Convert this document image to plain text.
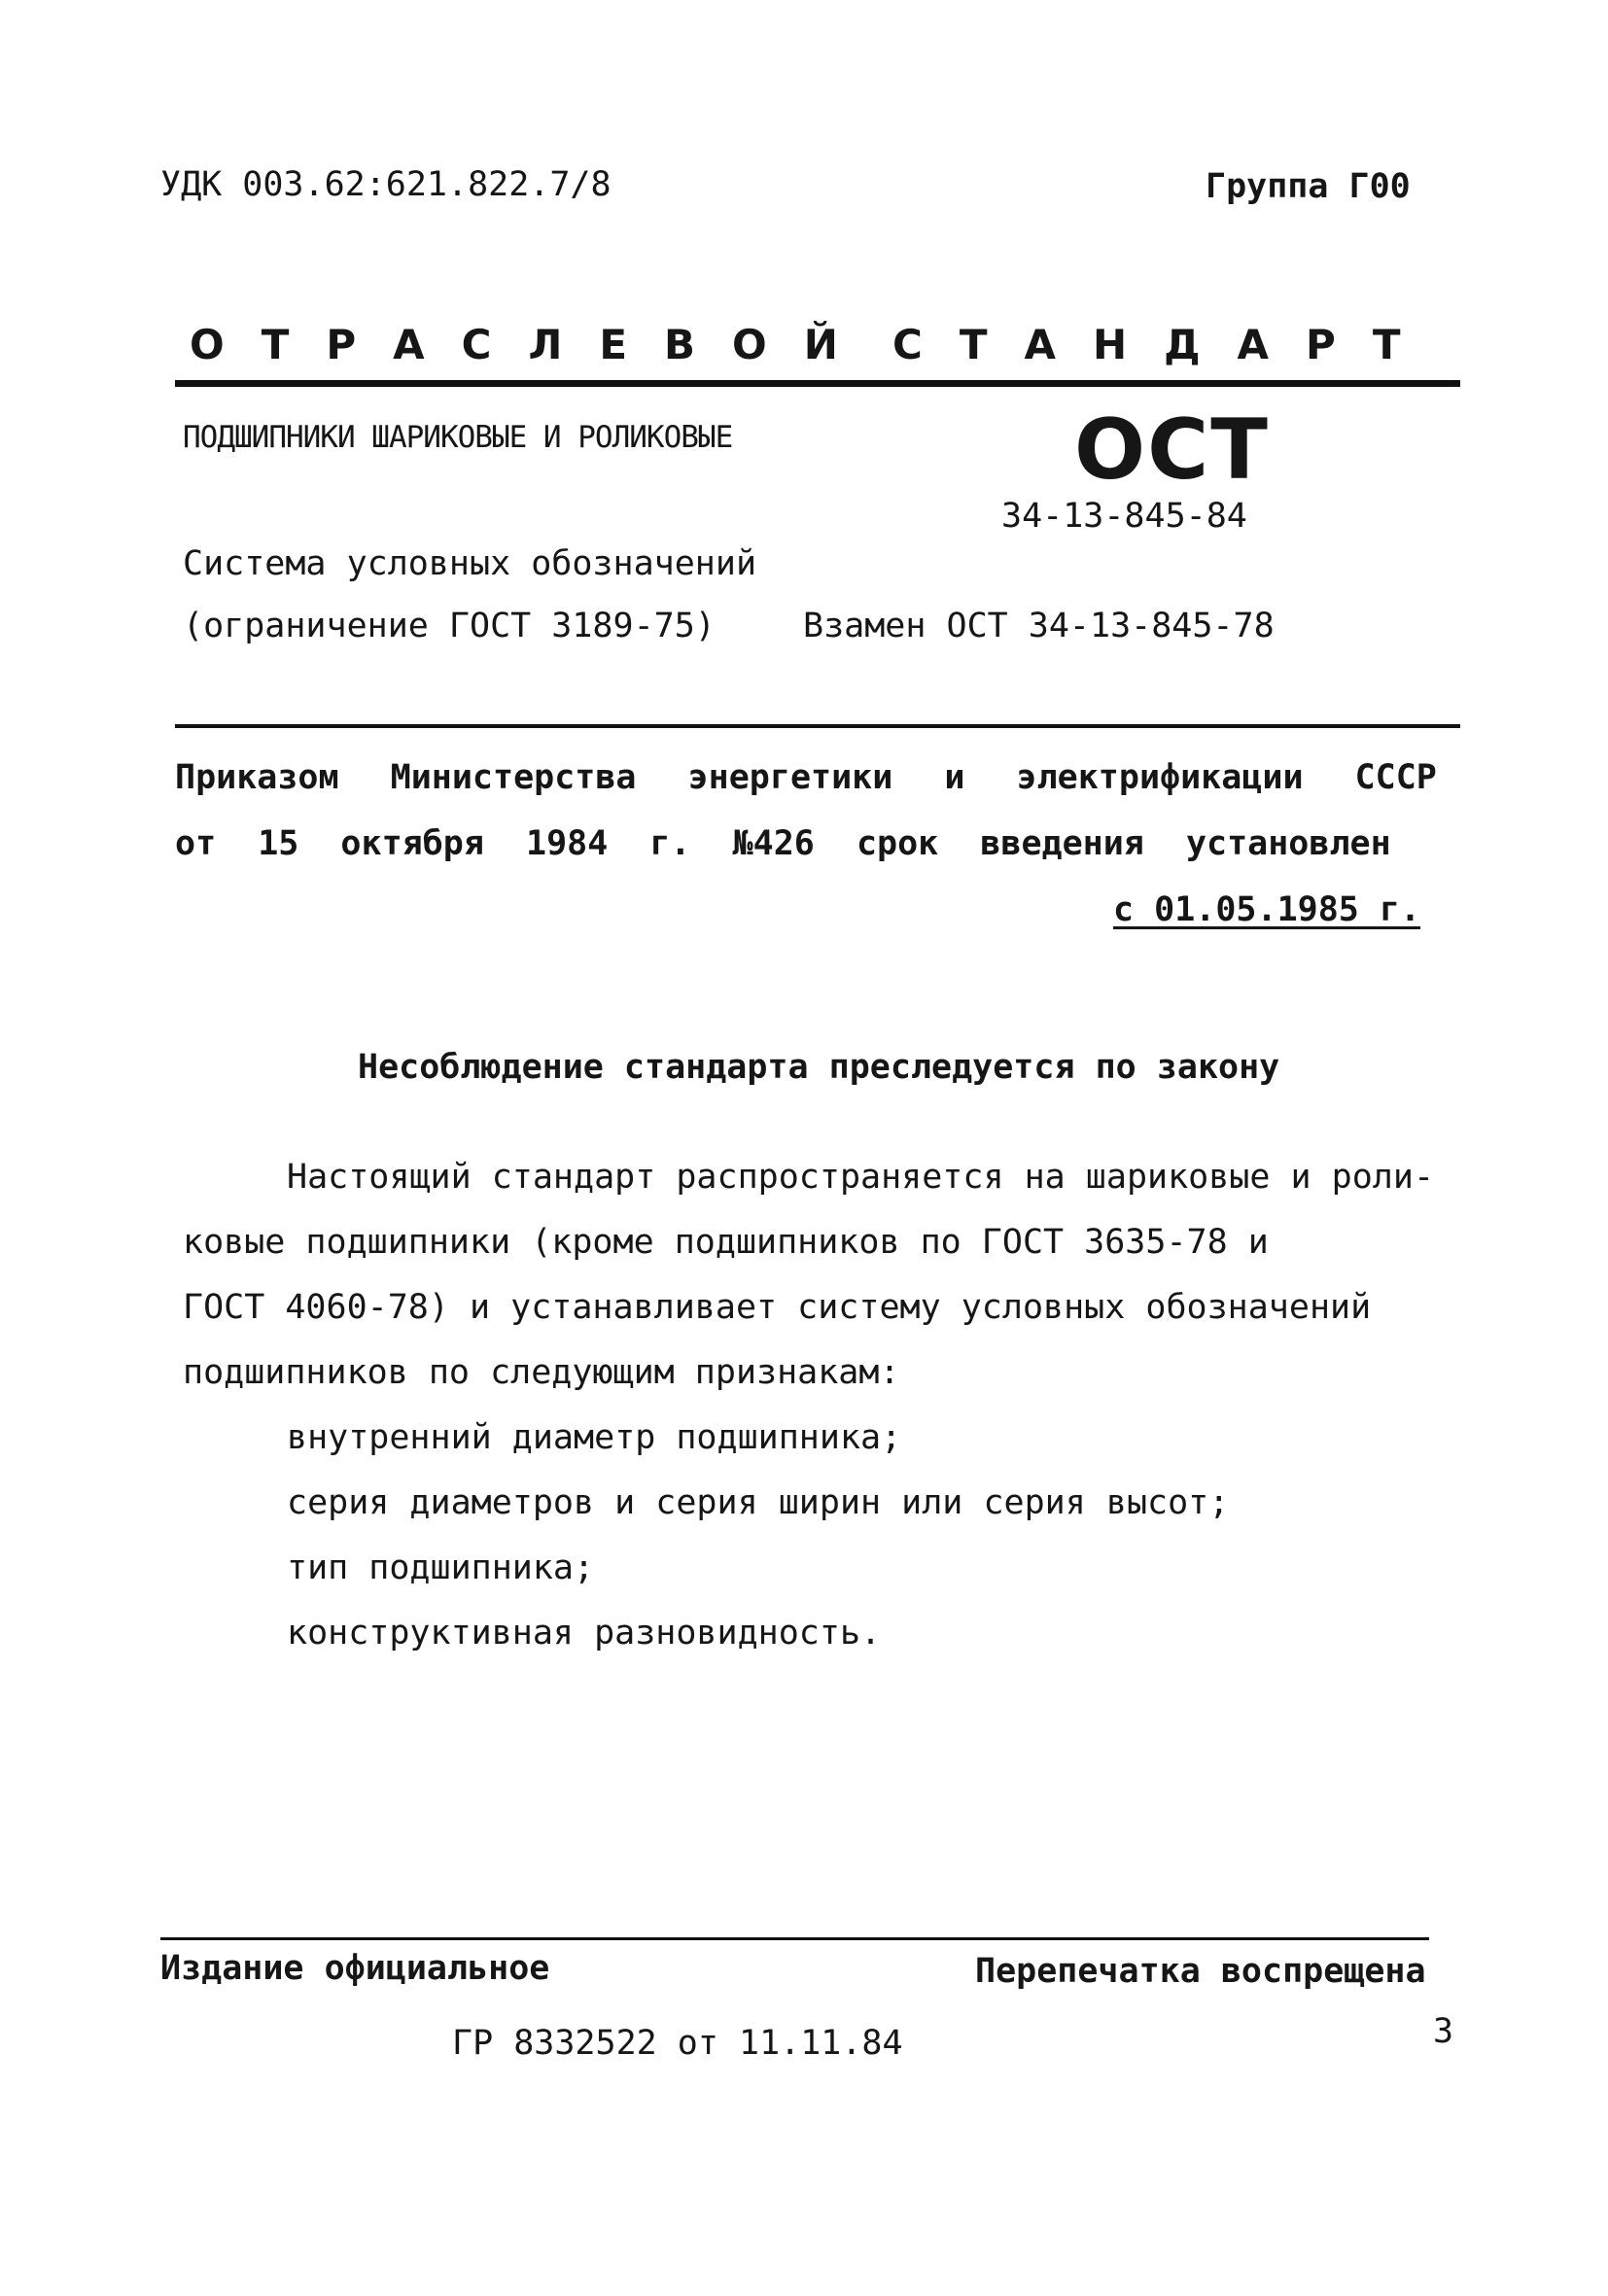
УДК 003.62:621.822.7/8	Группа Г00
ОТРАСЛЕВОЙ СТАНДАРТ
ПОДШИПНИКИ ШАРИКОВЫЕ И РОЛИКОВЫЕ	ОСТ
34-13-845-84
Система условных обозначений
(ограничение ГОСТ 3189-75)	Взамен ОСТ 34-13-845-78
Приказом Министерства энергетики и электрификации СССР
от 15 октября 1984 г. №426 срок введения установлен
с 01.05.1985 г.
Несоблюдение стандарта преследуется по закону
Настоящий стандарт распространяется на шариковые и роли-
ковые подшипники (кроме подшипников по ГОСТ 3635-78 и
ГОСТ 4060-78) и устанавливает систему условных обозначений
подшипников по следующим признакам:
внутренний диаметр подшипника;
серия диаметров и серия ширин или серия высот;
тип подшипника;
конструктивная разновидность.
Издание официальное	Перепечатка воспрещена
ГР 8332522 от 11.11.84	3
